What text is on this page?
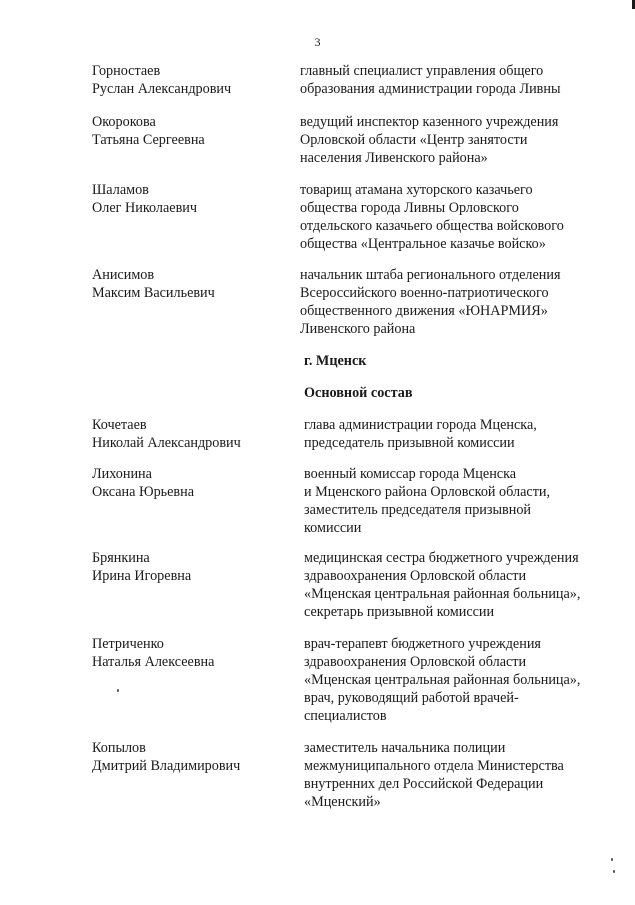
3
Горностаев
Руслан Александрович
главный специалист управления общего
образования администрации города Ливны
Окорокова
Татьяна Сергеевна
ведущий инспектор казенного учреждения
Орловской области «Центр занятости
населения Ливенского района»
Шаламов
Олег Николаевич
товарищ атамана хуторского казачьего
общества города Ливны Орловского
отдельского казачьего общества войскового
общества «Центральное казачье войско»
Анисимов
Максим Васильевич
начальник штаба регионального отделения
Всероссийского военно-патриотического
общественного движения «ЮНАРМИЯ»
Ливенского района
г. Мценск
Основной состав
Кочетаев
Николай Александрович
глава администрации города Мценска,
председатель призывной комиссии
Лихонина
Оксана Юрьевна
военный комиссар города Мценска
и Мценского района Орловской области,
заместитель председателя призывной
комиссии
Брянкина
Ирина Игоревна
медицинская сестра бюджетного учреждения
здравоохранения Орловской области
«Мценская центральная районная больница»,
секретарь призывной комиссии
Петриченко
Наталья Алексеевна
врач-терапевт бюджетного учреждения
здравоохранения Орловской области
«Мценская центральная районная больница»,
врач, руководящий работой врачей-
специалистов
Копылов
Дмитрий Владимирович
заместитель начальника полиции
межмуниципального отдела Министерства
внутренних дел Российской Федерации
«Мценский»
